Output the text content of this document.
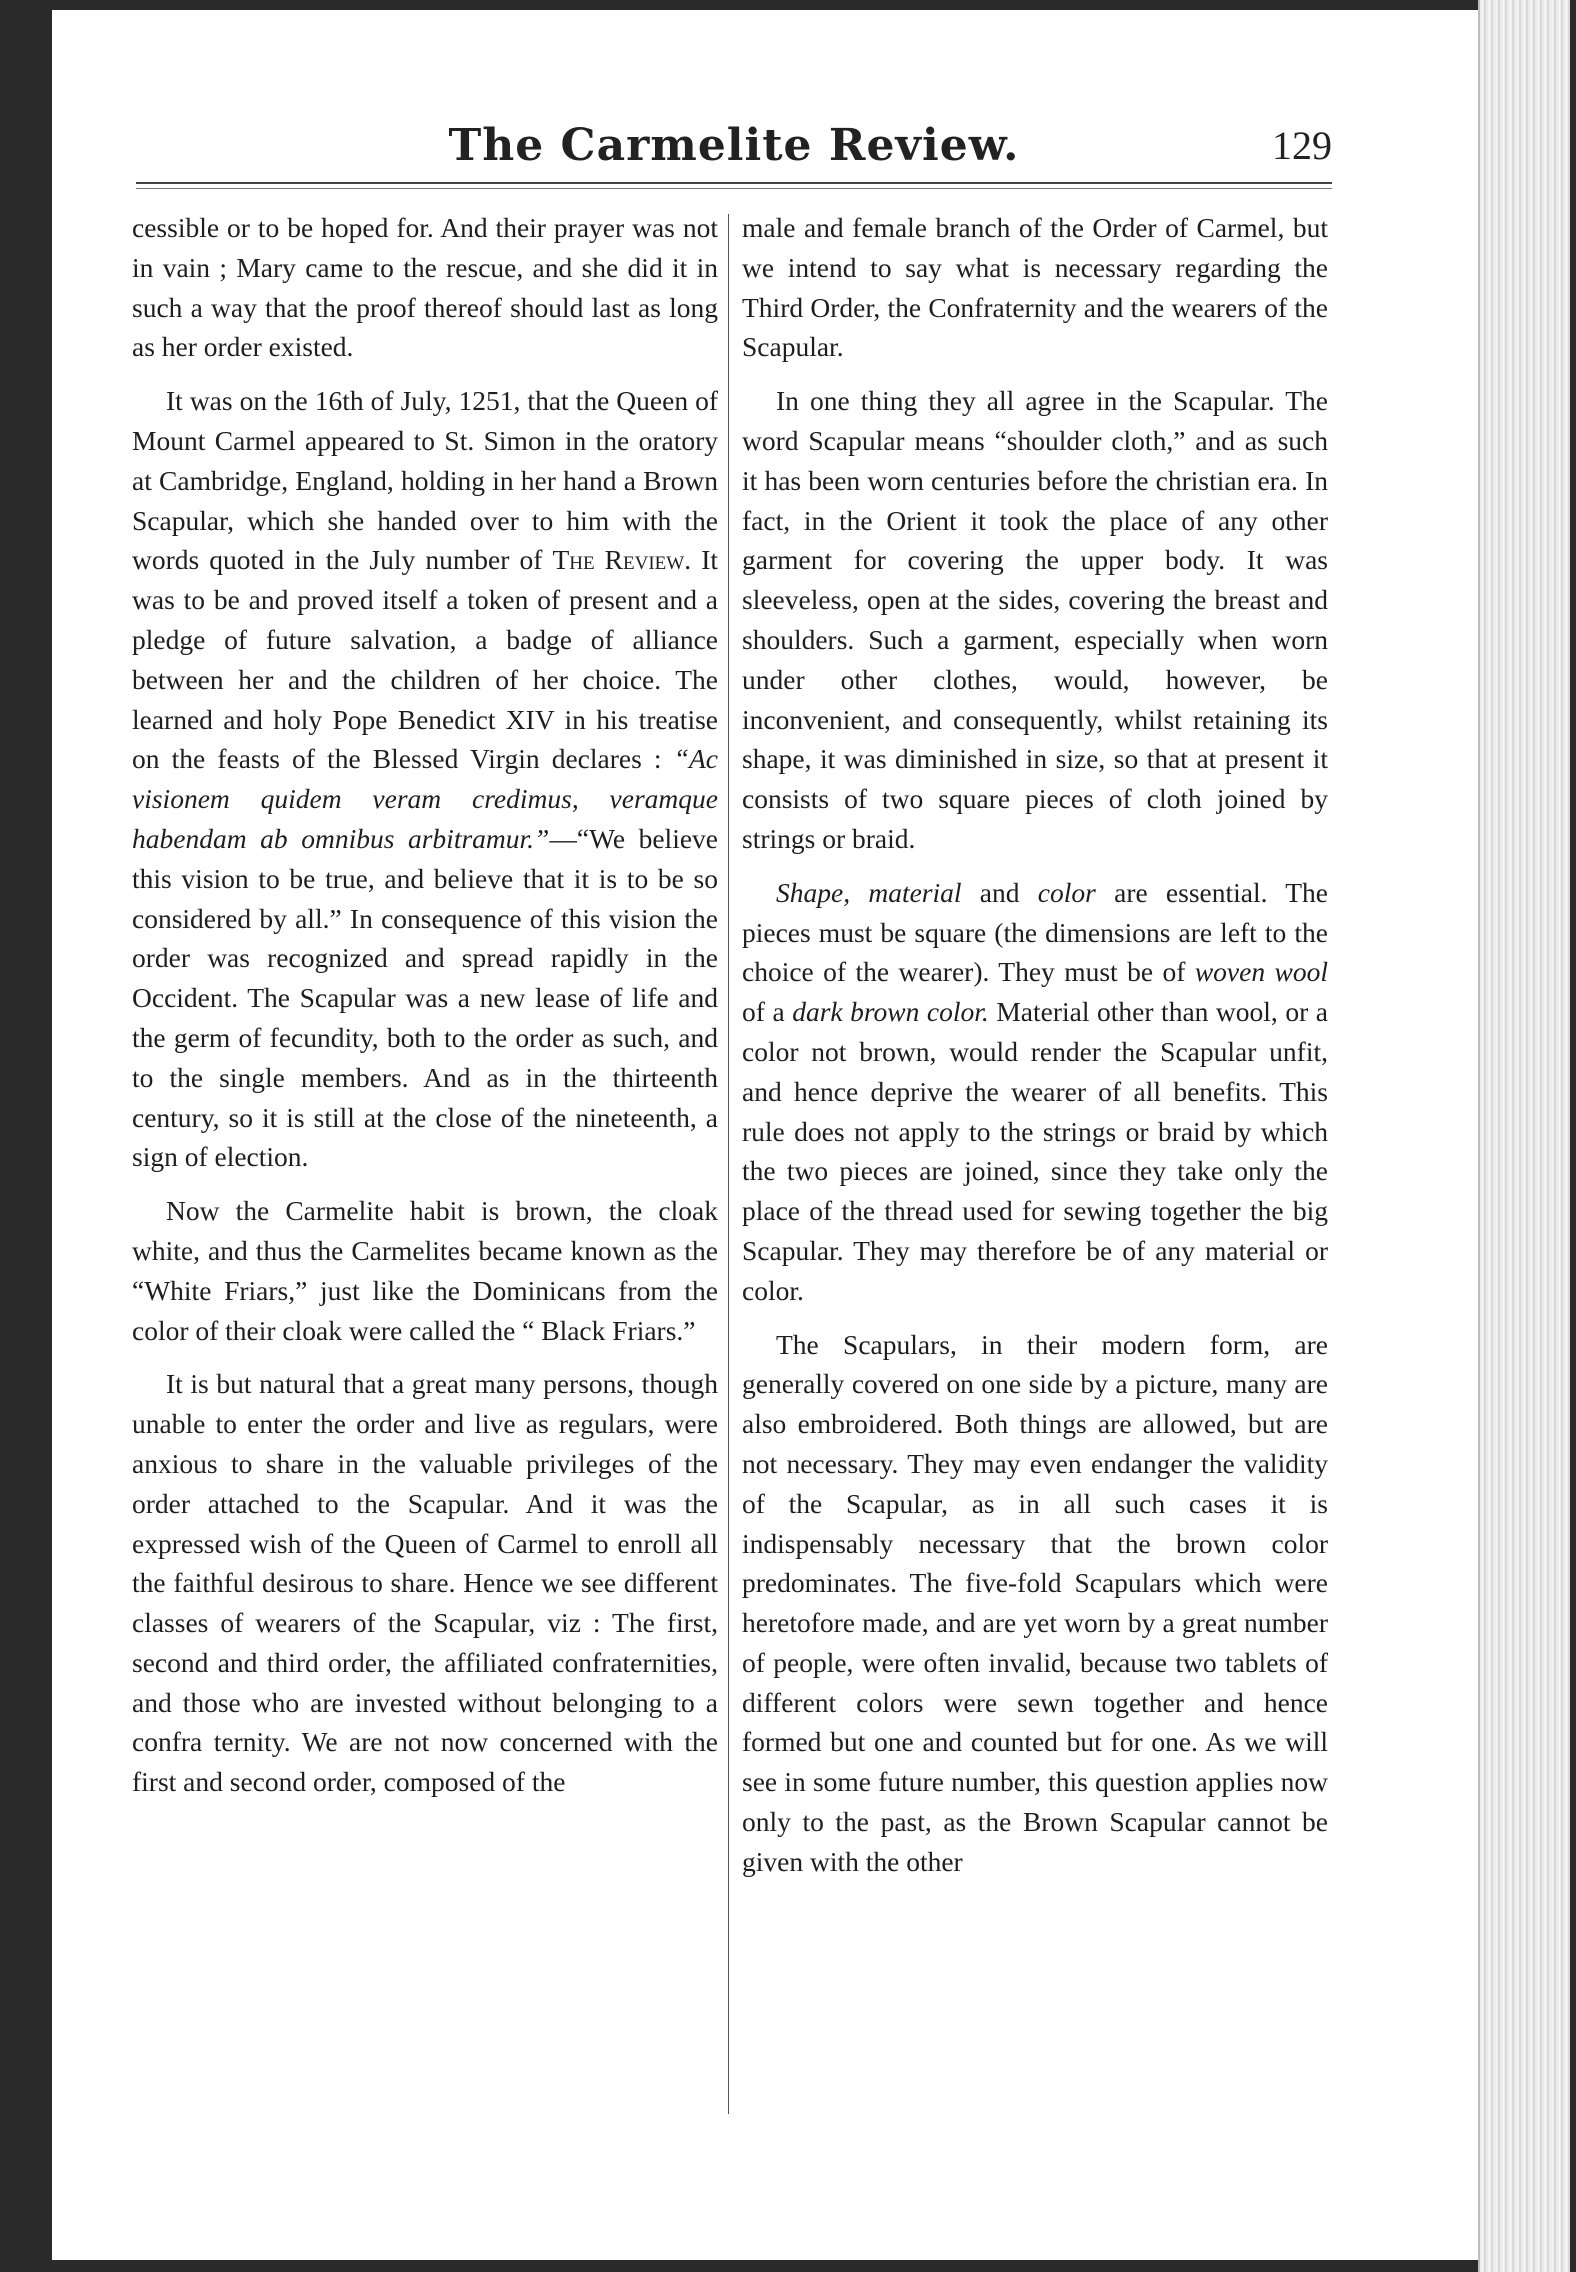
The Carmelite Review.	129

cessible or to be hoped for. And their prayer was not in vain ; Mary came to the rescue, and she did it in such a way that the proof thereof should last as long as her order existed.

It was on the 16th of July, 1251, that the Queen of Mount Carmel appeared to St. Simon in the oratory at Cambridge, England, holding in her hand a Brown Scapular, which she handed over to him with the words quoted in the July number of The Review. It was to be and proved itself a token of present and a pledge of future salvation, a badge of alliance between her and the children of her choice. The learned and holy Pope Benedict XIV in his treatise on the feasts of the Blessed Virgin declares : “Ac visionem quidem veram credimus, veramque habendam ab omnibus arbitramur.”—“We believe this vision to be true, and believe that it is to be so considered by all.” In consequence of this vision the order was recognized and spread rapidly in the Occident. The Scapular was a new lease of life and the germ of fecundity, both to the order as such, and to the single members. And as in the thirteenth century, so it is still at the close of the nineteenth, a sign of election.

Now the Carmelite habit is brown, the cloak white, and thus the Carmelites became known as the “White Friars,” just like the Dominicans from the color of their cloak were called the “ Black Friars.”

It is but natural that a great many persons, though unable to enter the order and live as regulars, were anxious to share in the valuable privileges of the order attached to the Scapular. And it was the expressed wish of the Queen of Carmel to enroll all the faithful desirous to share. Hence we see different classes of wearers of the Scapular, viz : The first, second and third order, the affiliated confraternities, and those who are invested without belonging to a confra ternity. We are not now concerned with the first and second order, composed of the

male and female branch of the Order of Carmel, but we intend to say what is necessary regarding the Third Order, the Confraternity and the wearers of the Scapular.

In one thing they all agree in the Scapular. The word Scapular means “shoulder cloth,” and as such it has been worn centuries before the christian era. In fact, in the Orient it took the place of any other garment for covering the upper body. It was sleeveless, open at the sides, covering the breast and shoulders. Such a garment, especially when worn under other clothes, would, however, be inconvenient, and consequently, whilst retaining its shape, it was diminished in size, so that at present it consists of two square pieces of cloth joined by strings or braid.

Shape, material and color are essential. The pieces must be square (the dimensions are left to the choice of the wearer). They must be of woven wool of a dark brown color. Material other than wool, or a color not brown, would render the Scapular unfit, and hence deprive the wearer of all benefits. This rule does not apply to the strings or braid by which the two pieces are joined, since they take only the place of the thread used for sewing together the big Scapular. They may therefore be of any material or color.

The Scapulars, in their modern form, are generally covered on one side by a picture, many are also embroidered. Both things are allowed, but are not necessary. They may even endanger the validity of the Scapular, as in all such cases it is indispensably necessary that the brown color predominates. The five-fold Scapulars which were heretofore made, and are yet worn by a great number of people, were often invalid, because two tablets of different colors were sewn together and hence formed but one and counted but for one. As we will see in some future number, this question applies now only to the past, as the Brown Scapular cannot be given with the other
